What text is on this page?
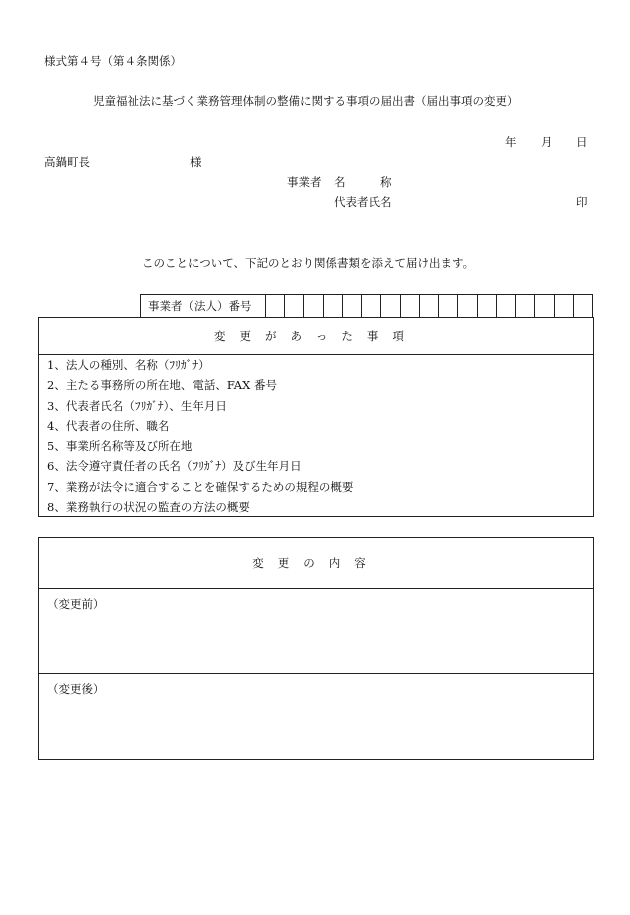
様式第４号（第４条関係）
児童福祉法に基づく業務管理体制の整備に関する事項の届出書（届出事項の変更）
年 月 日
高鍋町長	様
事業者 名　　　称
代表者氏名	印
このことについて、下記のとおり関係書類を添えて届け出ます。
事業者（法人）番号
変更があった事項
1、法人の種別、名称（ﾌﾘｶﾞﾅ）
2、主たる事務所の所在地、電話、FAX 番号
3、代表者氏名（ﾌﾘｶﾞﾅ）、生年月日
4、代表者の住所、職名
5、事業所名称等及び所在地
6、法令遵守責任者の氏名（ﾌﾘｶﾞﾅ）及び生年月日
7、業務が法令に適合することを確保するための規程の概要
8、業務執行の状況の監査の方法の概要
変更の内容
（変更前）
（変更後）
